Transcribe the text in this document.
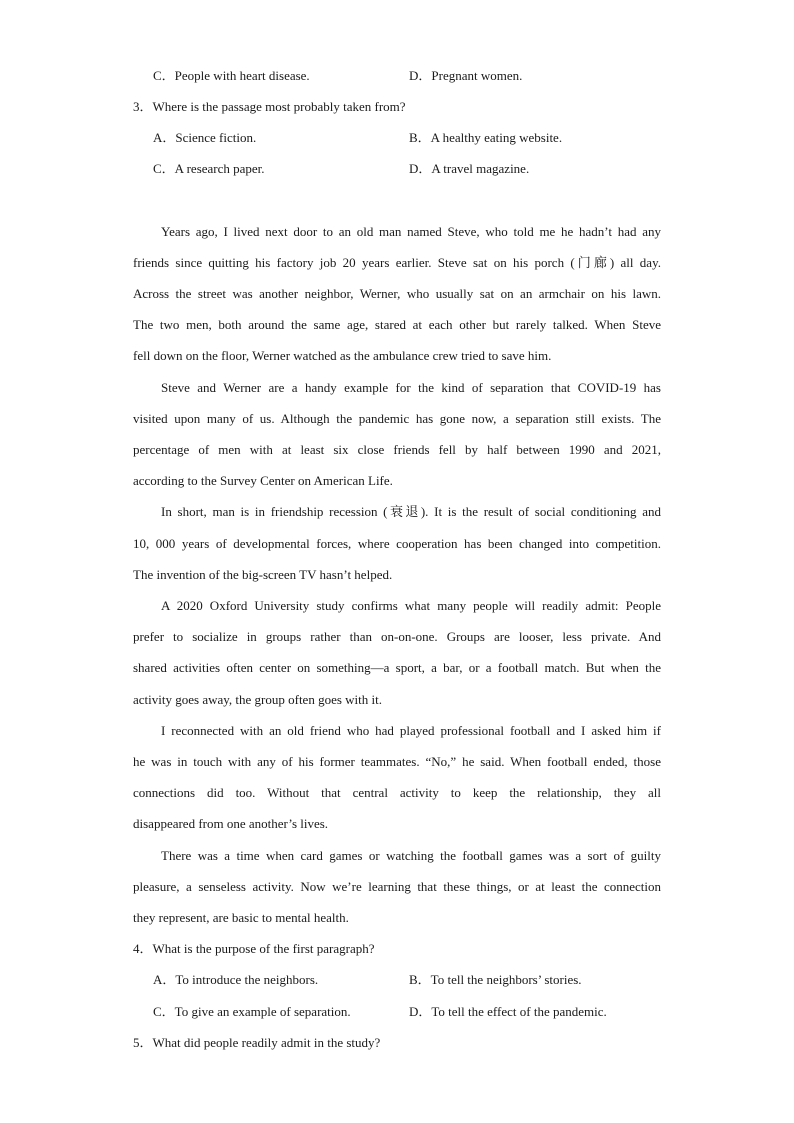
C．People with heart disease.	D．Pregnant women.
3．Where is the passage most probably taken from?
A．Science fiction.	B．A healthy eating website.
C．A research paper.	D．A travel magazine.
Years ago, I lived next door to an old man named Steve, who told me he hadn’t had any
friends since quitting his factory job 20 years earlier. Steve sat on his porch (门廊) all day.
Across the street was another neighbor, Werner, who usually sat on an armchair on his lawn.
The two men, both around the same age, stared at each other but rarely talked. When Steve
fell down on the floor, Werner watched as the ambulance crew tried to save him.
Steve and Werner are a handy example for the kind of separation that COVID-19 has
visited upon many of us. Although the pandemic has gone now, a separation still exists. The
percentage of men with at least six close friends fell by half between 1990 and 2021,
according to the Survey Center on American Life.
In short, man is in friendship recession (衰退). It is the result of social conditioning and
10, 000 years of developmental forces, where cooperation has been changed into competition.
The invention of the big-screen TV hasn’t helped.
A 2020 Oxford University study confirms what many people will readily admit: People
prefer to socialize in groups rather than on-on-one. Groups are looser, less private. And
shared activities often center on something—a sport, a bar, or a football match. But when the
activity goes away, the group often goes with it.
I reconnected with an old friend who had played professional football and I asked him if
he was in touch with any of his former teammates. “No,” he said. When football ended, those
connections did too. Without that central activity to keep the relationship, they all
disappeared from one another’s lives.
There was a time when card games or watching the football games was a sort of guilty
pleasure, a senseless activity. Now we’re learning that these things, or at least the connection
they represent, are basic to mental health.
4．What is the purpose of the first paragraph?
A．To introduce the neighbors.	B．To tell the neighbors’ stories.
C．To give an example of separation.	D．To tell the effect of the pandemic.
5．What did people readily admit in the study?
